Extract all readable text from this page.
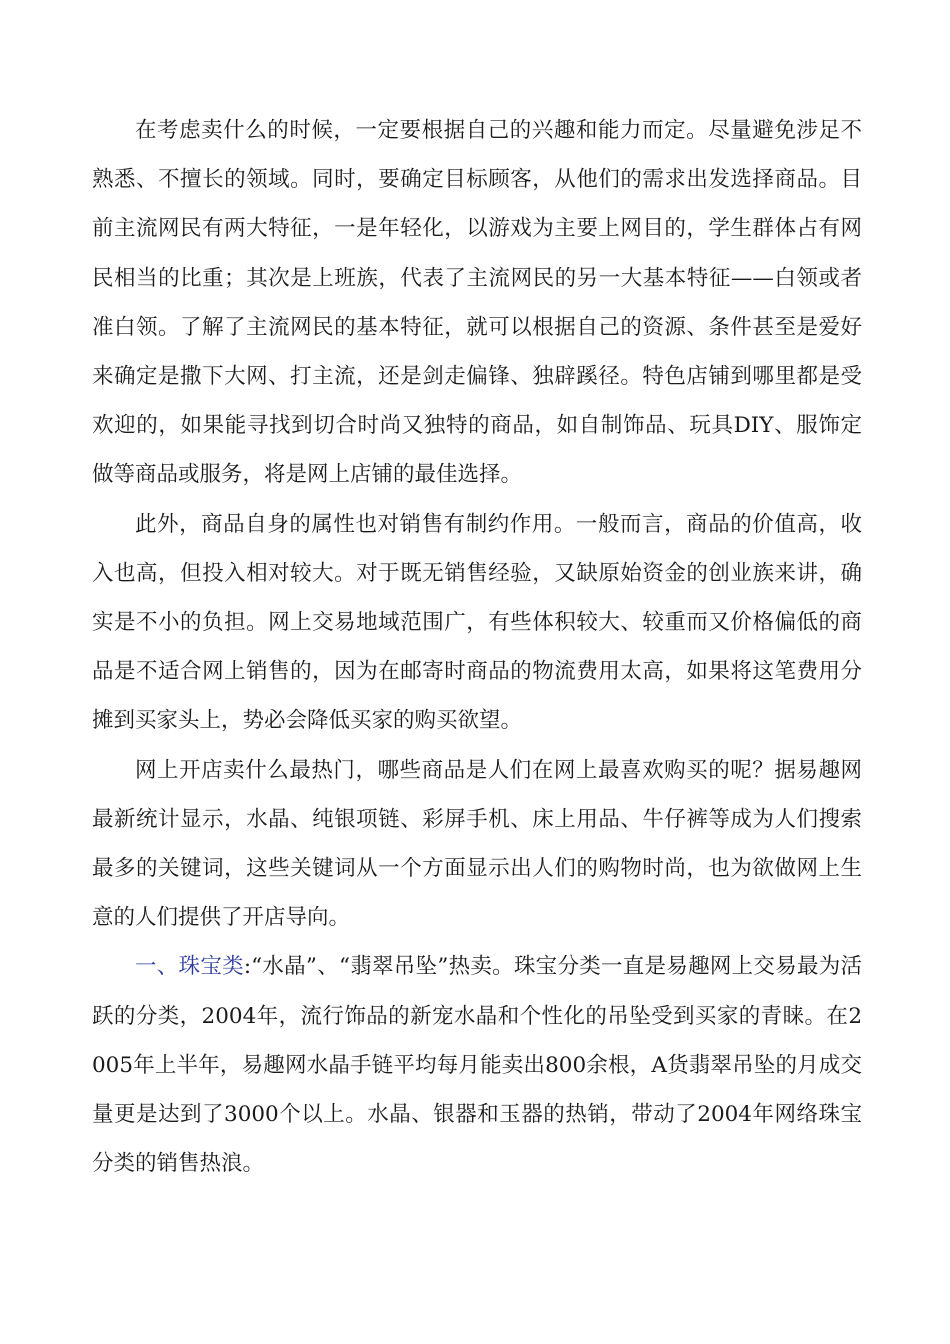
在考虑卖什么的时候，一定要根据自己的兴趣和能力而定。尽量避免涉足不熟悉、不擅长的领域。同时，要确定目标顾客，从他们的需求出发选择商品。目前主流网民有两大特征，一是年轻化，以游戏为主要上网目的，学生群体占有网民相当的比重；其次是上班族，代表了主流网民的另一大基本特征——白领或者准白领。了解了主流网民的基本特征，就可以根据自己的资源、条件甚至是爱好来确定是撒下大网、打主流，还是剑走偏锋、独辟蹊径。特色店铺到哪里都是受欢迎的，如果能寻找到切合时尚又独特的商品，如自制饰品、玩具DIY、服饰定做等商品或服务，将是网上店铺的最佳选择。

此外，商品自身的属性也对销售有制约作用。一般而言，商品的价值高，收入也高，但投入相对较大。对于既无销售经验，又缺原始资金的创业族来讲，确实是不小的负担。网上交易地域范围广，有些体积较大、较重而又价格偏低的商品是不适合网上销售的，因为在邮寄时商品的物流费用太高，如果将这笔费用分摊到买家头上，势必会降低买家的购买欲望。

网上开店卖什么最热门，哪些商品是人们在网上最喜欢购买的呢？据易趣网最新统计显示，水晶、纯银项链、彩屏手机、床上用品、牛仔裤等成为人们搜索最多的关键词，这些关键词从一个方面显示出人们的购物时尚，也为欲做网上生意的人们提供了开店导向。

一、珠宝类:“水晶”、“翡翠吊坠”热卖。珠宝分类一直是易趣网上交易最为活跃的分类，2004年，流行饰品的新宠水晶和个性化的吊坠受到买家的青睐。在2005年上半年，易趣网水晶手链平均每月能卖出800余根，A货翡翠吊坠的月成交量更是达到了3000个以上。水晶、银器和玉器的热销，带动了2004年网络珠宝分类的销售热浪。
